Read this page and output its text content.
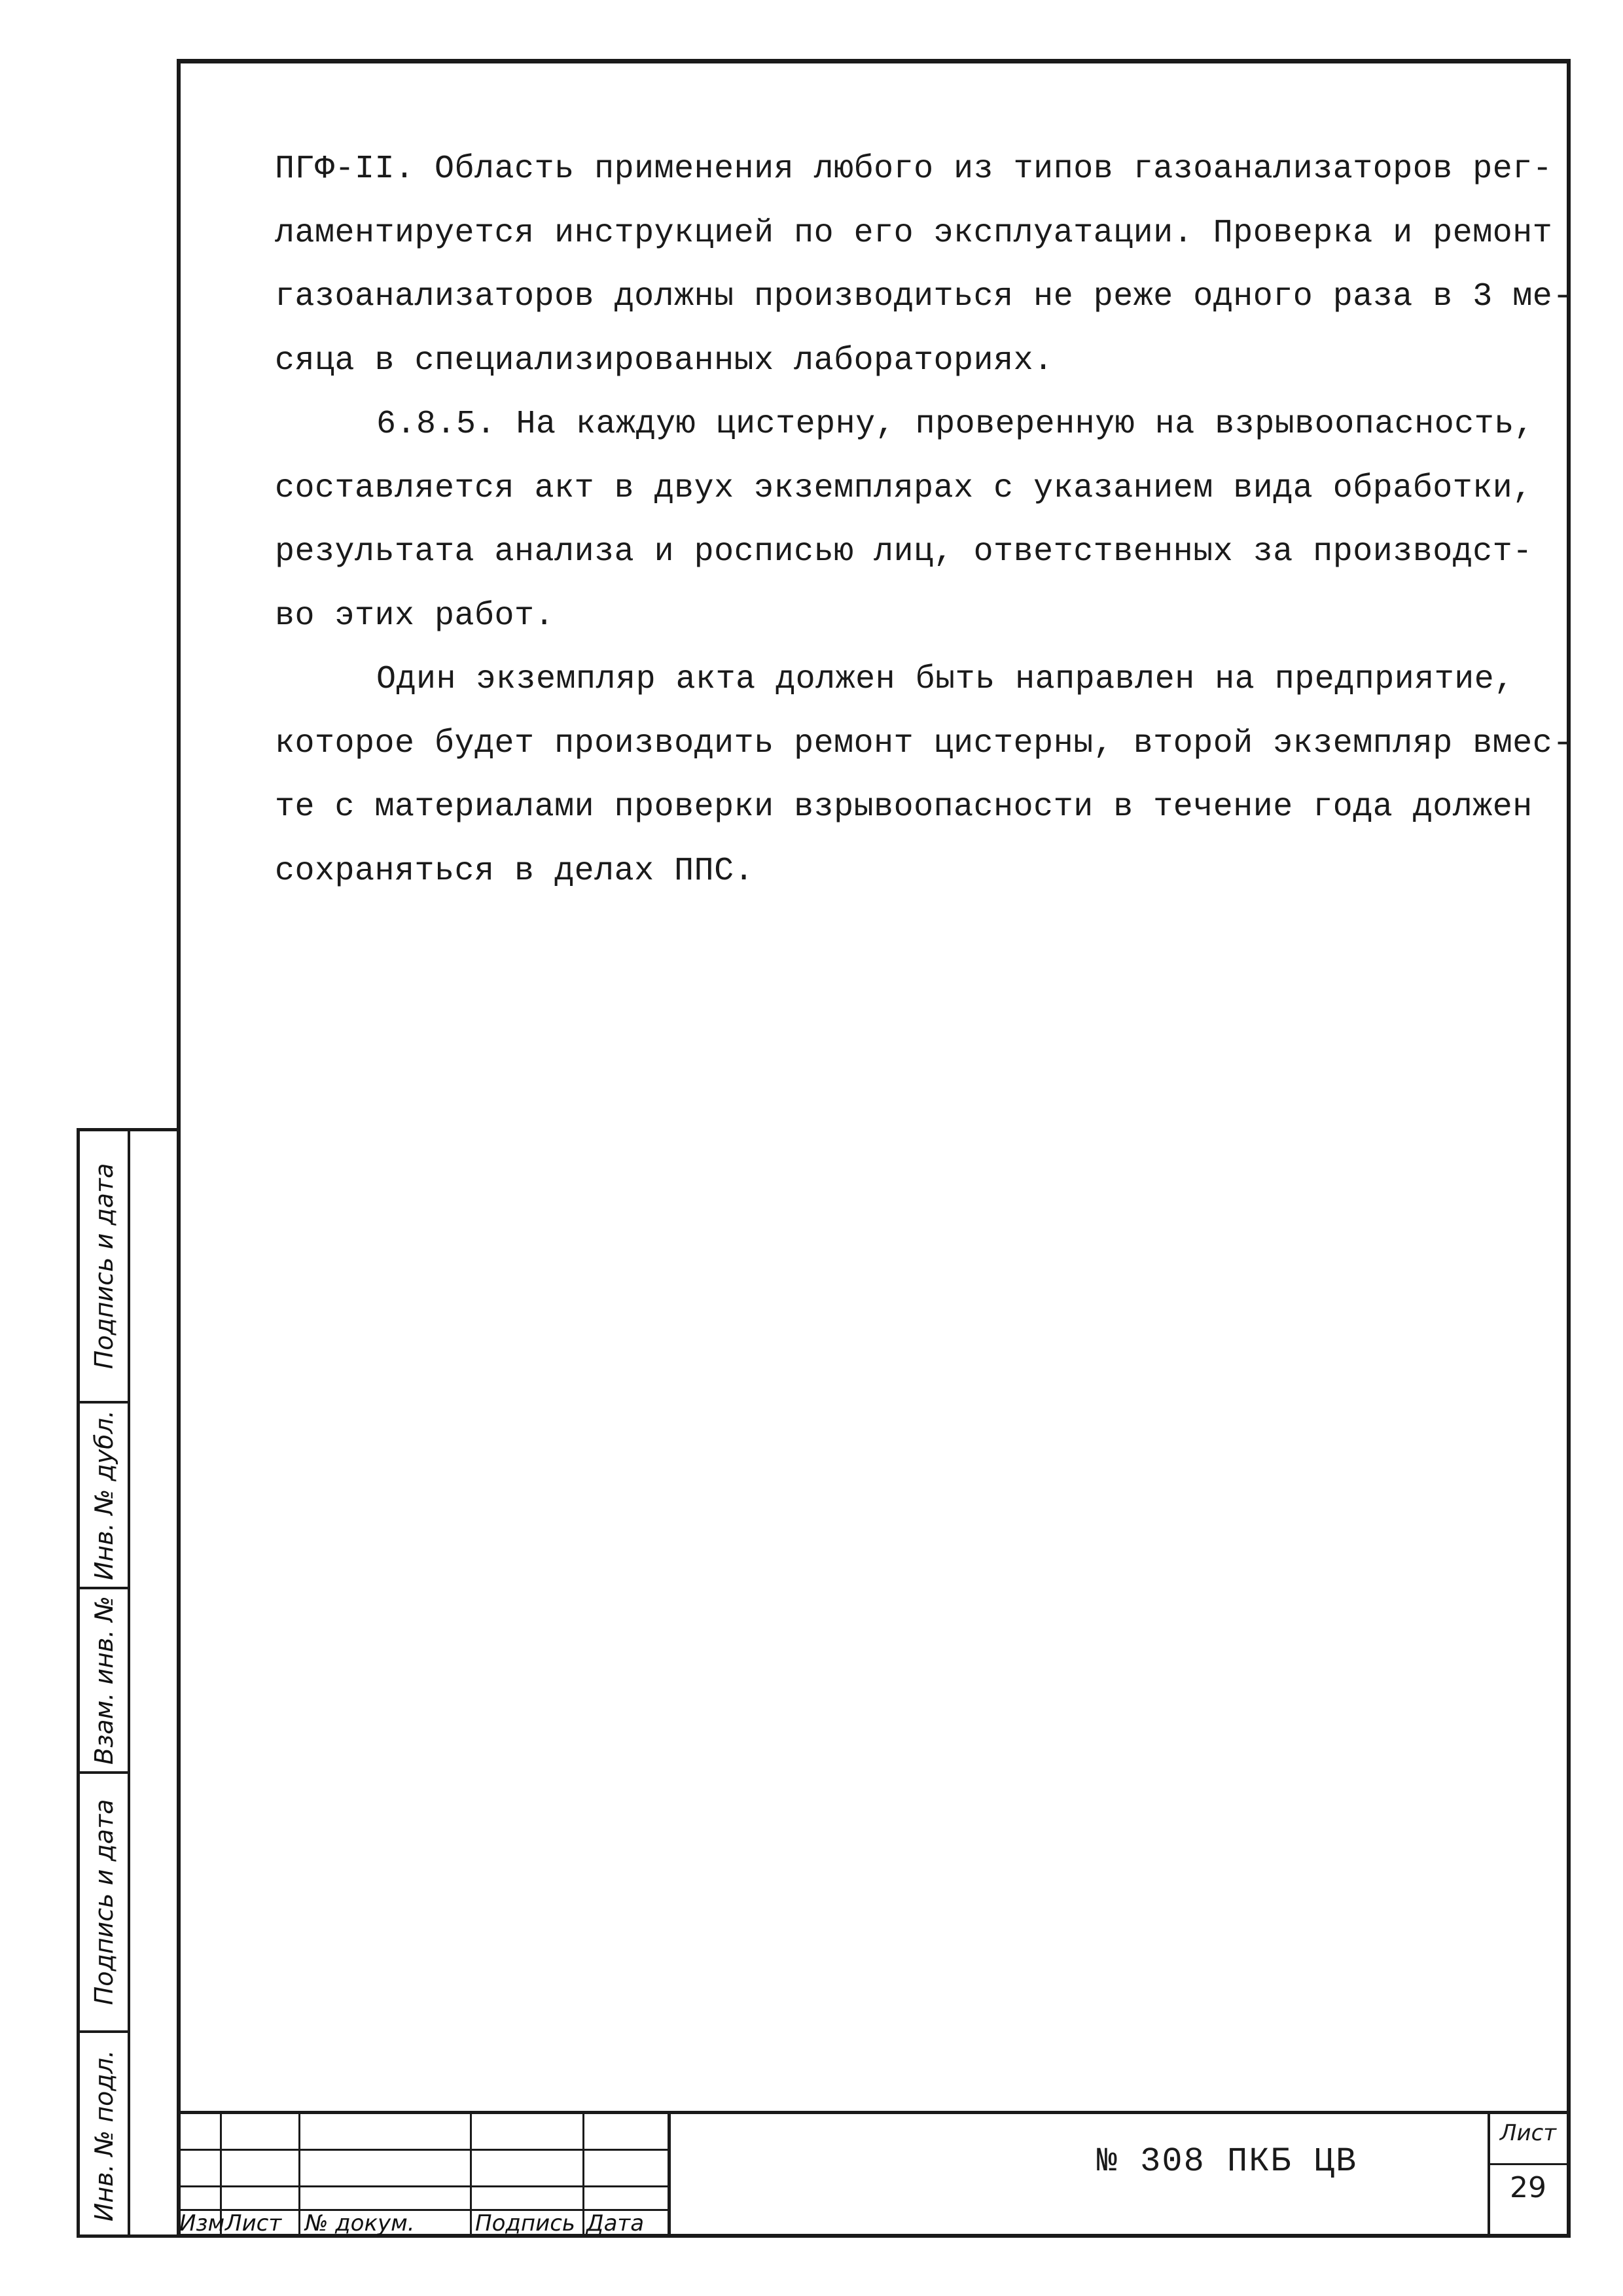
ПГФ-II. Область применения любого из типов газоанализаторов рег-
ламентируется инструкцией по его эксплуатации. Проверка и ремонт
газоанализаторов должны производиться не реже одного раза в 3 ме-
сяца в специализированных лабораториях.
6.8.5. На каждую цистерну, проверенную на взрывоопасность,
составляется акт в двух экземплярах с указанием вида обработки,
результата анализа и росписью лиц, ответственных за производст-
во этих работ.
Один экземпляр акта должен быть направлен на предприятие,
которое будет производить ремонт цистерны, второй экземпляр вмес-
те с материалами проверки взрывоопасности в течение года должен
сохраняться в делах ППС.
Подпись и дата
Инв. № дубл.
Взам. инв. №
Подпись и дата
Инв. № подл.
Изм Лист № докум.	Подпись Дата
№ 308 ПКБ ЦВ
Лист
29
